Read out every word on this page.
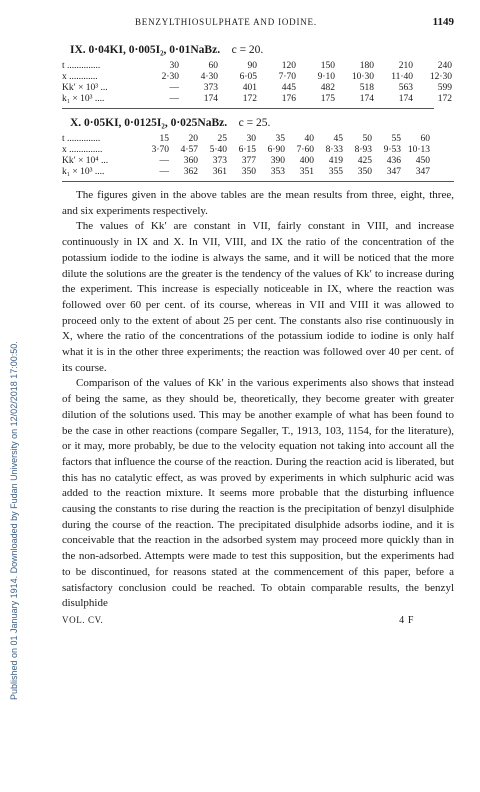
Published on 01 January 1914. Downloaded by Fudan University on 12/02/2018 17:00:50.
BENZYLTHIOSULPHATE AND IODINE.	1149
IX. 0·04KI, 0·005I₂, 0·01NaBz. c = 20.
t ..............	30	60	90	120	150	180	210	240
x ............	2·30	4·30	6·05	7·70	9·10	10·30	11·40	12·30
Kk′ × 10³ ...	—	373	401	445	482	518	563	599
k₁ × 10³ ....	—	174	172	176	175	174	174	172
X. 0·05KI, 0·0125I₂, 0·025NaBz. c = 25.
t ..............	15	20	25	30	35	40	45	50	55	60
x ..............	3·70	4·57	5·40	6·15	6·90	7·60	8·33	8·93	9·53	10·13
Kk′ × 10⁴ ...	—	360	373	377	390	400	419	425	436	450
k₁ × 10³ ....	—	362	361	350	353	351	355	350	347	347

The figures given in the above tables are the mean results from three, eight, three, and six experiments respectively.

The values of Kk′ are constant in VII, fairly constant in VIII, and increase continuously in IX and X. In VII, VIII, and IX the ratio of the concentration of the potassium iodide to the iodine is always the same, and it will be noticed that the more dilute the solutions are the greater is the tendency of the values of Kk′ to increase during the experiment. This increase is especially noticeable in IX, where the reaction was followed over 60 per cent. of its course, whereas in VII and VIII it was allowed to proceed only to the extent of about 25 per cent. The constants also rise continuously in X, where the ratio of the concentrations of the potassium iodide to iodine is only half what it is in the other three experiments; the reaction was followed over 40 per cent. of its course.

Comparison of the values of Kk′ in the various experiments also shows that instead of being the same, as they should be, theoretically, they become greater with greater dilution of the solutions used. This may be another example of what has been found to be the case in other reactions (compare Segaller, T., 1913, 103, 1154, for the literature), or it may, more probably, be due to the velocity equation not taking into account all the factors that influence the course of the reaction. During the reaction acid is liberated, but this has no catalytic effect, as was proved by experiments in which sulphuric acid was added to the reaction mixture. It seems more probable that the disturbing influence causing the constants to rise during the reaction is the precipitation of benzyl disulphide during the course of the reaction. The precipitated disulphide adsorbs iodine, and it is conceivable that the reaction in the adsorbed system may proceed more quickly than in the non-adsorbed. Attempts were made to test this supposition, but the experiments had to be discontinued, for reasons stated at the commencement of this paper, before a satisfactory conclusion could be reached. To obtain comparable results, the benzyl disulphide

VOL. CV.	4 F
